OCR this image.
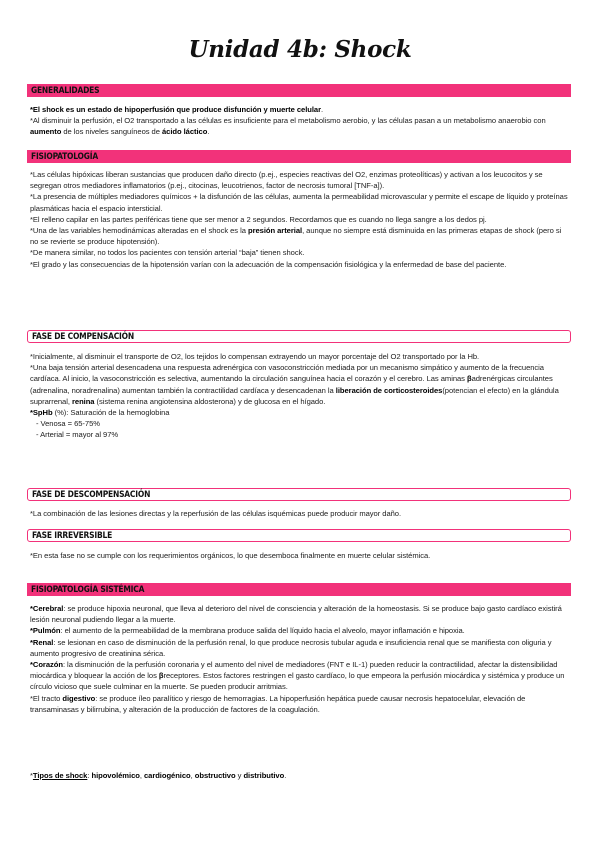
Unidad 4b: Shock
GENERALIDADES

*El shock es un estado de hipoperfusión que produce disfunción y muerte celular.

*Al disminuir la perfusión, el O2 transportado a las células es insuficiente para el metabolismo aerobio, y las células pasan a un metabolismo anaerobio con aumento de los niveles sanguíneos de ácido láctico.

FISIOPATOLOGÍA

*Las células hipóxicas liberan sustancias que producen daño directo (p.ej., especies reactivas del O2, enzimas proteolíticas) y activan a los leucocitos y se segregan otros mediadores inflamatorios (p.ej., citocinas, leucotrienos, factor de necrosis tumoral [TNF-a]).

*La presencia de múltiples mediadores químicos + la disfunción de las células, aumenta la permeabilidad microvascular y permite el escape de líquido y proteínas plasmáticas hacia el espacio intersticial.

*El relleno capilar en las partes periféricas tiene que ser menor a 2 segundos. Recordamos que es cuando no llega sangre a los dedos pj.

*Una de las variables hemodinámicas alteradas en el shock es la presión arterial, aunque no siempre está disminuida en las primeras etapas de shock (pero si no se revierte se produce hipotensión).

*De manera similar, no todos los pacientes con tensión arterial “baja” tienen shock.

*El grado y las consecuencias de la hipotensión varían con la adecuación de la compensación fisiológica y la enfermedad de base del paciente.

FASE DE COMPENSACIÓN

*Inicialmente, al disminuir el transporte de O2, los tejidos lo compensan extrayendo un mayor porcentaje del O2 transportado por la Hb.

*Una baja tensión arterial desencadena una respuesta adrenérgica con vasoconstricción mediada por un mecanismo simpático y aumento de la frecuencia cardíaca. Al inicio, la vasoconstricción es selectiva, aumentando la circulación sanguínea hacia el corazón y el cerebro. Las aminas βadrenérgicas circulantes (adrenalina, noradrenalina) aumentan también la contractilidad cardíaca y desencadenan la liberación de corticosteroides(potencian el efecto) en la glándula suprarrenal, renina (sistema renina angiotensina aldosterona) y de glucosa en el hígado.

*SpHb (%): Saturación de la hemoglobina

- Venosa = 65-75%

- Arterial = mayor al 97%

FASE DE DESCOMPENSACIÓN

*La combinación de las lesiones directas y la reperfusión de las células isquémicas puede producir mayor daño.

FASE IRREVERSIBLE

*En esta fase no se cumple con los requerimientos orgánicos, lo que desemboca finalmente en muerte celular sistémica.

FISIOPATOLOGÍA SISTÉMICA

*Cerebral: se produce hipoxia neuronal, que lleva al deterioro del nivel de consciencia y alteración de la homeostasis. Si se produce bajo gasto cardíaco existirá lesión neuronal pudiendo llegar a la muerte.

*Pulmón: el aumento de la permeabilidad de la membrana produce salida del líquido hacia el alveolo, mayor inflamación e hipoxia.

*Renal: se lesionan en caso de disminución de la perfusión renal, lo que produce necrosis tubular aguda e insuficiencia renal que se manifiesta con oliguria y aumento progresivo de creatinina sérica.

*Corazón: la disminución de la perfusión coronaria y el aumento del nivel de mediadores (FNT e IL-1) pueden reducir la contractilidad, afectar la distensibilidad miocárdica y bloquear la acción de los βreceptores. Estos factores restringen el gasto cardíaco, lo que empeora la perfusión miocárdica y sistémica y produce un círculo vicioso que suele culminar en la muerte. Se pueden producir arritmias.

*El tracto digestivo: se produce íleo paralítico y riesgo de hemorragias. La hipoperfusión hepática puede causar necrosis hepatocelular, elevación de transaminasas y bilirrubina, y alteración de la producción de factores de la coagulación.

*Tipos de shock: hipovolémico, cardiogénico, obstructivo y distributivo.
